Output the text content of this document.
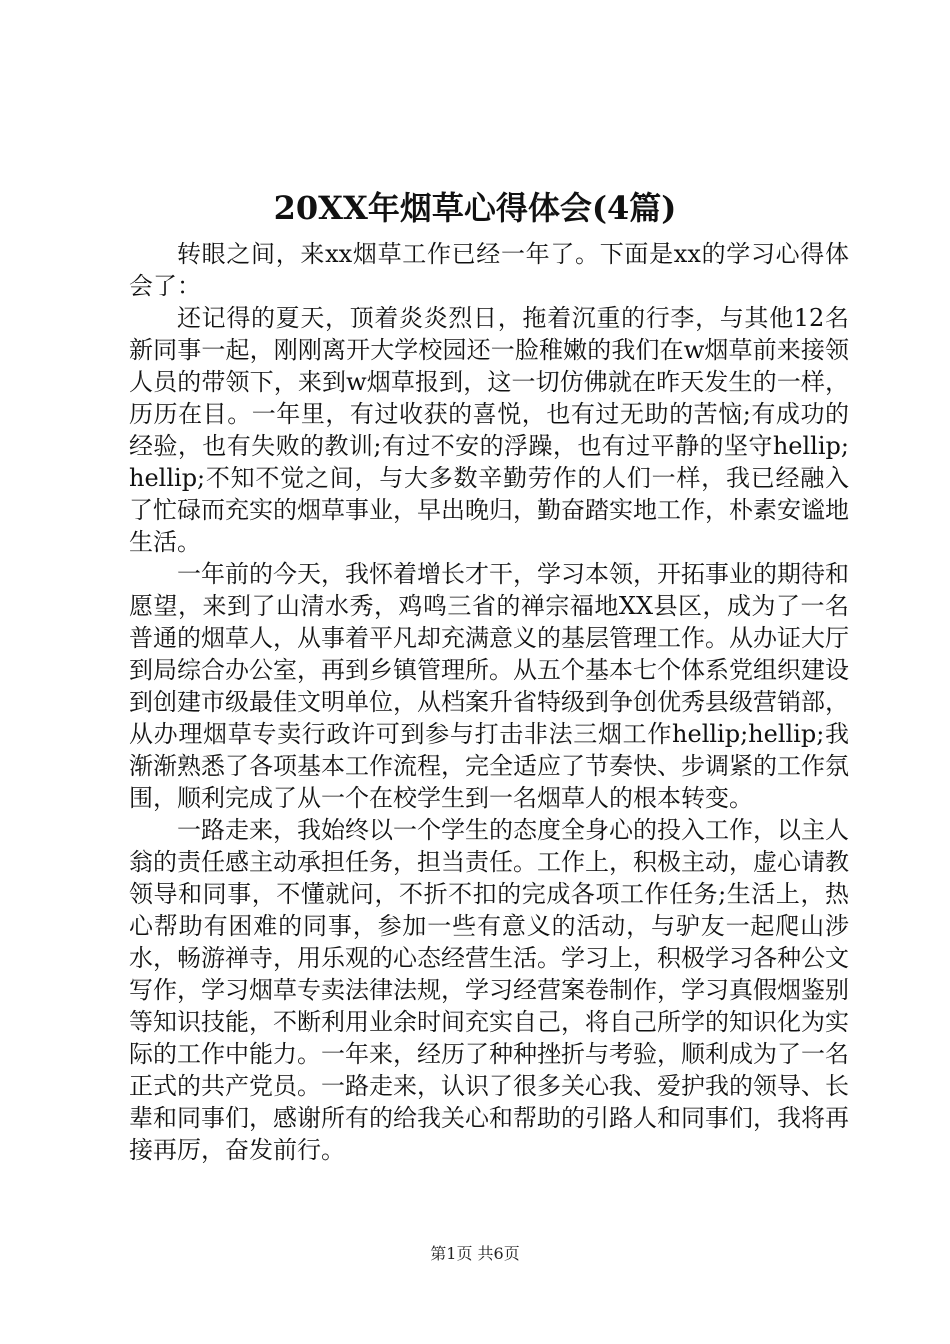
20XX年烟草心得体会(4篇)

转眼之间，来xx烟草工作已经一年了。下面是xx的学习心得体会了：

还记得的夏天，顶着炎炎烈日，拖着沉重的行李，与其他12名新同事一起，刚刚离开大学校园还一脸稚嫩的我们在w烟草前来接领人员的带领下，来到w烟草报到，这一切仿佛就在昨天发生的一样，历历在目。一年里，有过收获的喜悦，也有过无助的苦恼;有成功的经验，也有失败的教训;有过不安的浮躁，也有过平静的坚守hellip;hellip;不知不觉之间，与大多数辛勤劳作的人们一样，我已经融入了忙碌而充实的烟草事业，早出晚归，勤奋踏实地工作，朴素安谧地生活。

一年前的今天，我怀着增长才干，学习本领，开拓事业的期待和愿望，来到了山清水秀，鸡鸣三省的禅宗福地XX县区，成为了一名普通的烟草人，从事着平凡却充满意义的基层管理工作。从办证大厅到局综合办公室，再到乡镇管理所。从五个基本七个体系党组织建设到创建市级最佳文明单位，从档案升省特级到争创优秀县级营销部，从办理烟草专卖行政许可到参与打击非法三烟工作hellip;hellip;我渐渐熟悉了各项基本工作流程，完全适应了节奏快、步调紧的工作氛围，顺利完成了从一个在校学生到一名烟草人的根本转变。

一路走来，我始终以一个学生的态度全身心的投入工作，以主人翁的责任感主动承担任务，担当责任。工作上，积极主动，虚心请教领导和同事，不懂就问，不折不扣的完成各项工作任务;生活上，热心帮助有困难的同事，参加一些有意义的活动，与驴友一起爬山涉水，畅游禅寺，用乐观的心态经营生活。学习上，积极学习各种公文写作，学习烟草专卖法律法规，学习经营案卷制作，学习真假烟鉴别等知识技能，不断利用业余时间充实自己，将自己所学的知识化为实际的工作中能力。一年来，经历了种种挫折与考验，顺利成为了一名正式的共产党员。一路走来，认识了很多关心我、爱护我的领导、长辈和同事们，感谢所有的给我关心和帮助的引路人和同事们，我将再接再厉，奋发前行。

第1页 共6页
